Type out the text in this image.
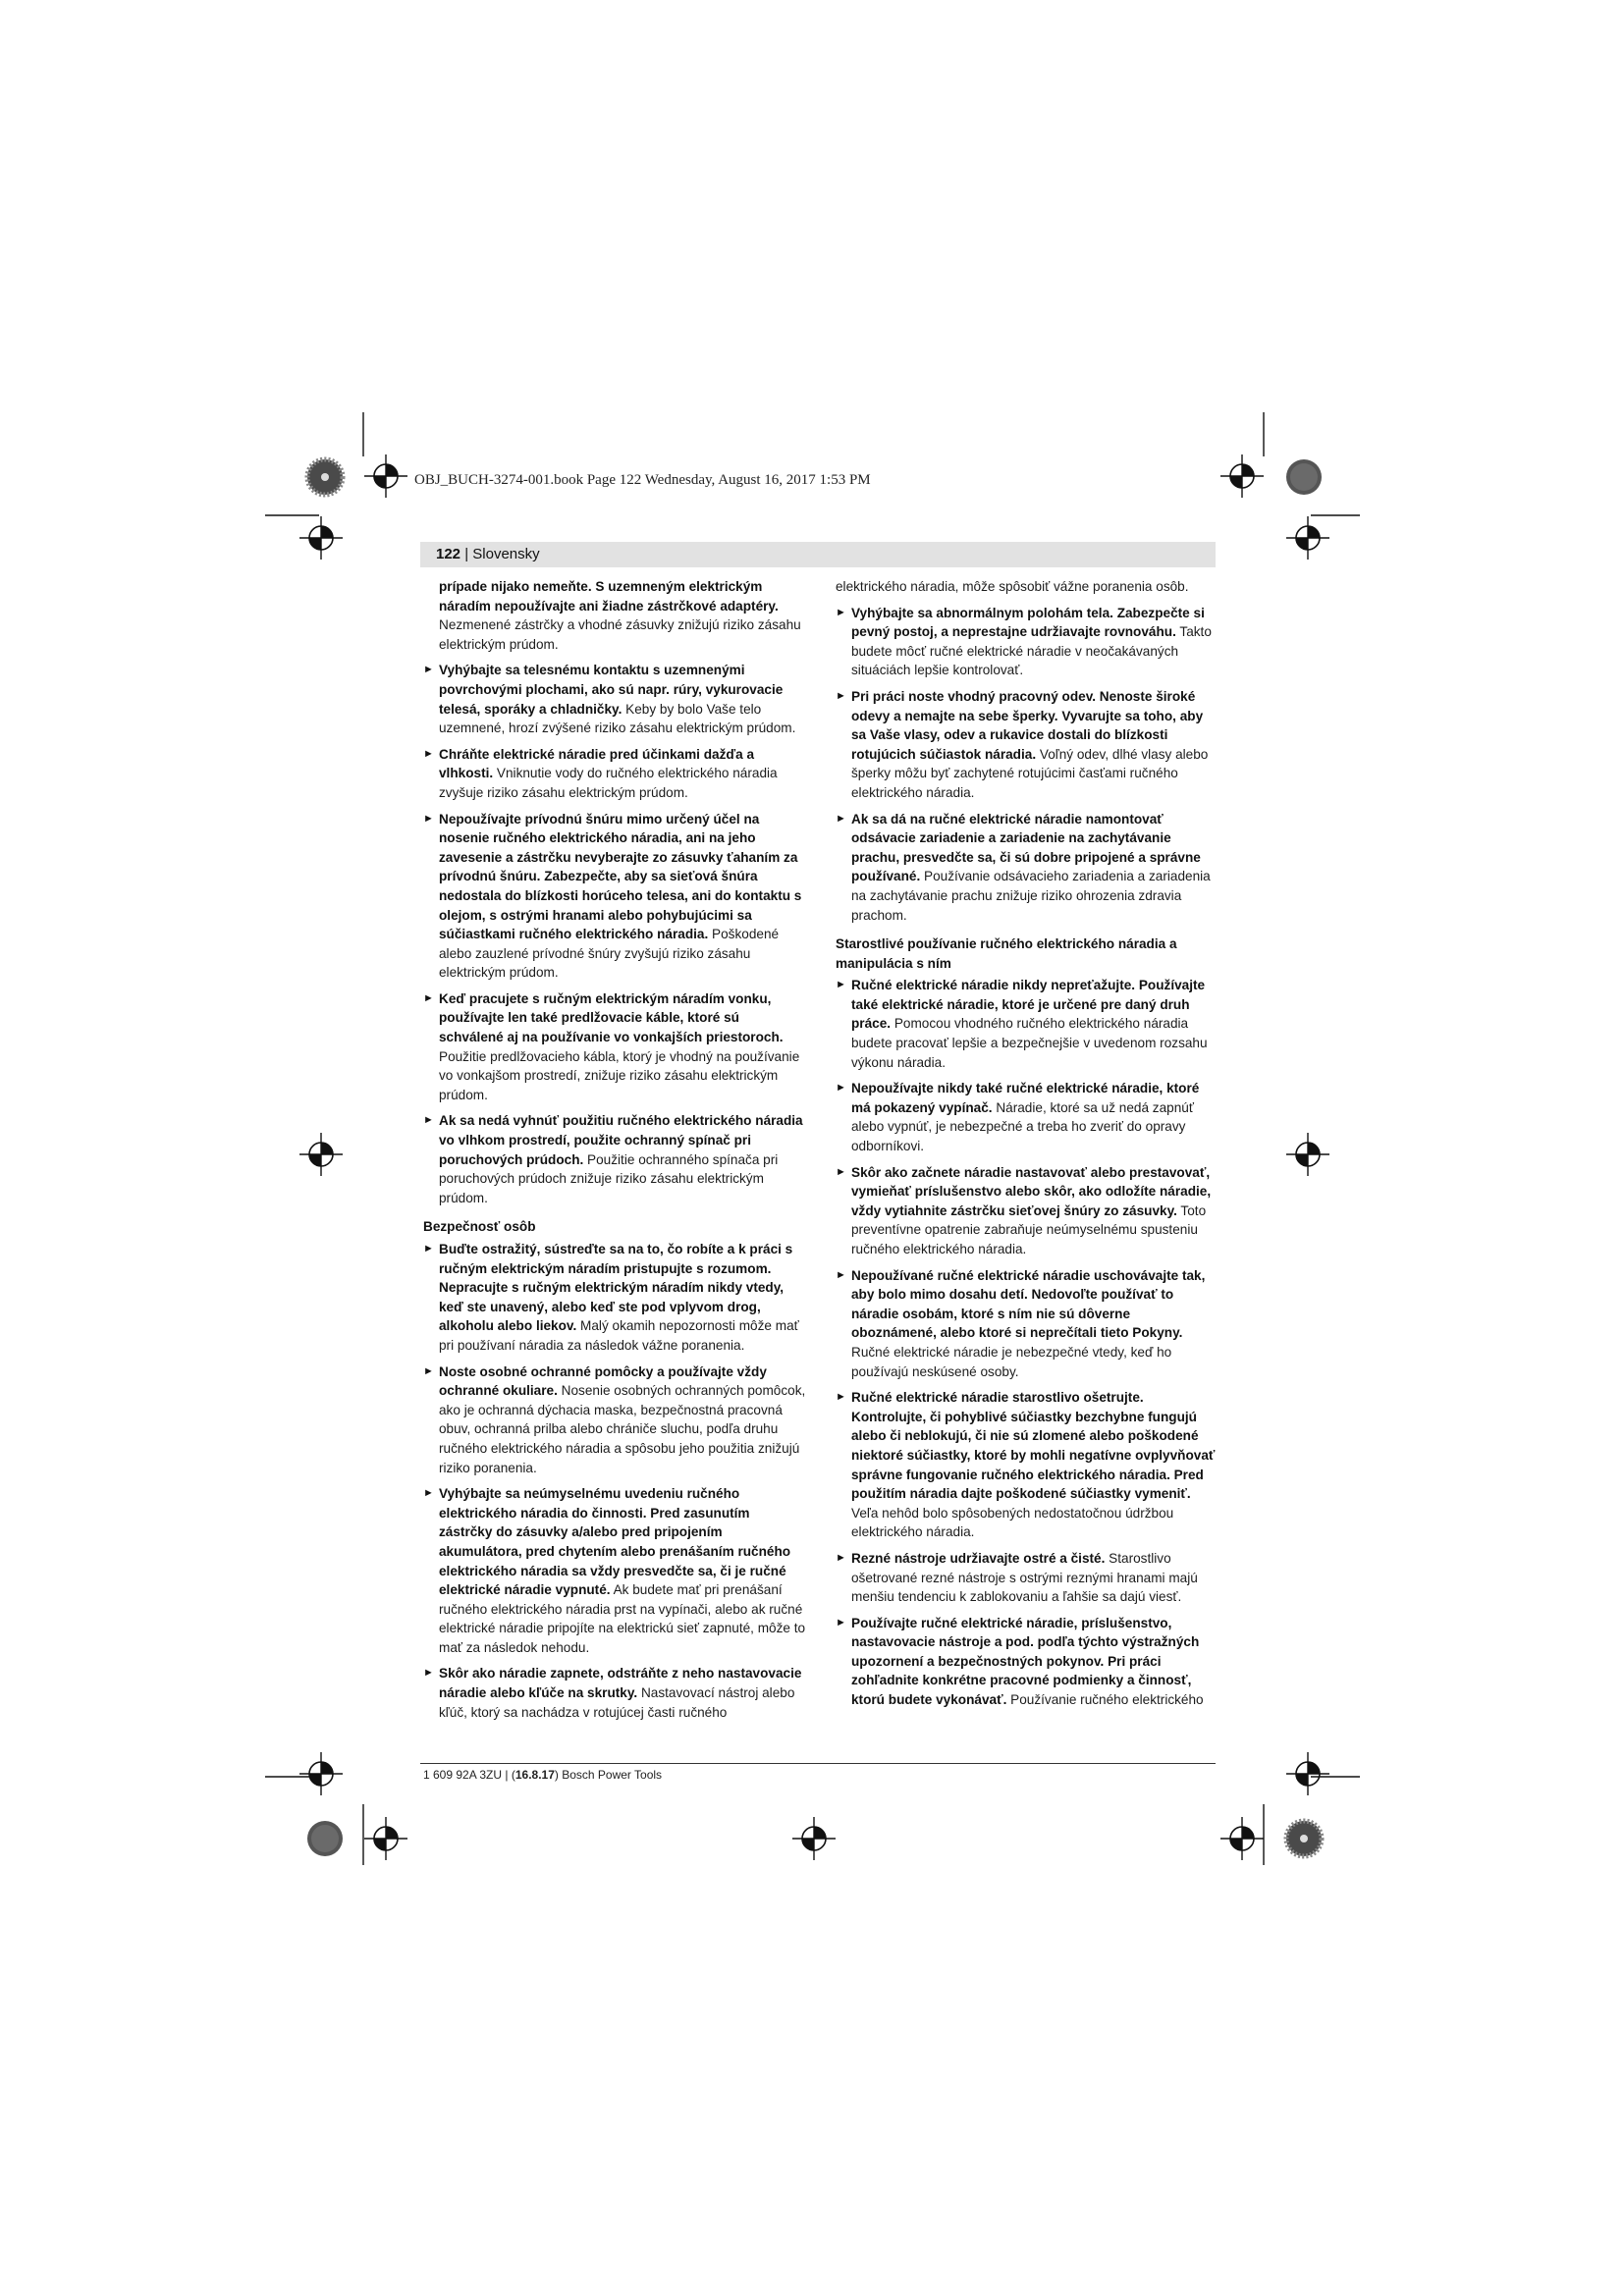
OBJ_BUCH-3274-001.book Page 122 Wednesday, August 16, 2017 1:53 PM
122 | Slovensky

prípade nijako nemeňte. S uzemneným elektrickým náradím nepoužívajte ani žiadne zástrčkové adaptéry. Nezmenené zástrčky a vhodné zásuvky znižujú riziko zásahu elektrickým prúdom.

► Vyhýbajte sa telesnému kontaktu s uzemnenými povrchovými plochami, ako sú napr. rúry, vykurovacie telesá, sporáky a chladničky. Keby by bolo Vaše telo uzemnené, hrozí zvýšené riziko zásahu elektrickým prúdom.
► Chráňte elektrické náradie pred účinkami dažďa a vlhkosti. Vniknutie vody do ručného elektrického náradia zvyšuje riziko zásahu elektrickým prúdom.
► Nepoužívajte prívodnú šnúru mimo určený účel na nosenie ručného elektrického náradia, ani na jeho zavesenie a zástrčku nevyberajte zo zásuvky ťahaním za prívodnú šnúru. Zabezpečte, aby sa sieťová šnúra nedostala do blízkosti horúceho telesa, ani do kontaktu s olejom, s ostrými hranami alebo pohybujúcimi sa súčiastkami ručného elektrického náradia. Poškodené alebo zauzlené prívodné šnúry zvyšujú riziko zásahu elektrickým prúdom.
► Keď pracujete s ručným elektrickým náradím vonku, používajte len také predlžovacie káble, ktoré sú schválené aj na používanie vo vonkajších priestoroch. Použitie predlžovacieho kábla, ktorý je vhodný na používanie vo vonkajšom prostredí, znižuje riziko zásahu elektrickým prúdom.
► Ak sa nedá vyhnúť použitiu ručného elektrického náradia vo vlhkom prostredí, použite ochranný spínač pri poruchových prúdoch. Použitie ochranného spínača pri poruchových prúdoch znižuje riziko zásahu elektrickým prúdom.
Bezpečnosť osôb
► Buďte ostražitý, sústreďte sa na to, čo robíte a k práci s ručným elektrickým náradím pristupujte s rozumom. Nepracujte s ručným elektrickým náradím nikdy vtedy, keď ste unavený, alebo keď ste pod vplyvom drog, alkoholu alebo liekov. Malý okamih nepozornosti môže mať pri používaní náradia za následok vážne poranenia.
► Noste osobné ochranné pomôcky a používajte vždy ochranné okuliare. Nosenie osobných ochranných pomôcok, ako je ochranná dýchacia maska, bezpečnostná pracovná obuv, ochranná prilba alebo chrániče sluchu, podľa druhu ručného elektrického náradia a spôsobu jeho použitia znižujú riziko poranenia.
► Vyhýbajte sa neúmyselnému uvedeniu ručného elektrického náradia do činnosti. Pred zasunutím zástrčky do zásuvky a/alebo pred pripojením akumulátora, pred chytením alebo prenášaním ručného elektrického náradia sa vždy presvedčte sa, či je ručné elektrické náradie vypnuté. Ak budete mať pri prenášaní ručného elektrického náradia prst na vypínači, alebo ak ručné elektrické náradie pripojíte na elektrickú sieť zapnuté, môže to mať za následok nehodu.
► Skôr ako náradie zapnete, odstráňte z neho nastavovacie náradie alebo kľúče na skrutky. Nastavovací nástroj alebo kľúč, ktorý sa nachádza v rotujúcej časti ručného

elektrického náradia, môže spôsobiť vážne poranenia osôb.

► Vyhýbajte sa abnormálnym polohám tela. Zabezpečte si pevný postoj, a neprestajne udržiavajte rovnováhu. Takto budete môcť ručné elektrické náradie v neočakávaných situáciách lepšie kontrolovať.
► Pri práci noste vhodný pracovný odev. Nenoste široké odevy a nemajte na sebe šperky. Vyvarujte sa toho, aby sa Vaše vlasy, odev a rukavice dostali do blízkosti rotujúcich súčiastok náradia. Voľný odev, dlhé vlasy alebo šperky môžu byť zachytené rotujúcimi časťami ručného elektrického náradia.
► Ak sa dá na ručné elektrické náradie namontovať odsávacie zariadenie a zariadenie na zachytávanie prachu, presvedčte sa, či sú dobre pripojené a správne používané. Používanie odsávacieho zariadenia a zariadenia na zachytávanie prachu znižuje riziko ohrozenia zdravia prachom.
Starostlivé používanie ručného elektrického náradia a manipulácia s ním
► Ručné elektrické náradie nikdy nepreťažujte. Používajte také elektrické náradie, ktoré je určené pre daný druh práce. Pomocou vhodného ručného elektrického náradia budete pracovať lepšie a bezpečnejšie v uvedenom rozsahu výkonu náradia.
► Nepoužívajte nikdy také ručné elektrické náradie, ktoré má pokazený vypínač. Náradie, ktoré sa už nedá zapnúť alebo vypnúť, je nebezpečné a treba ho zveriť do opravy odborníkovi.
► Skôr ako začnete náradie nastavovať alebo prestavovať, vymieňať príslušenstvo alebo skôr, ako odložíte náradie, vždy vytiahnite zástrčku sieťovej šnúry zo zásuvky. Toto preventívne opatrenie zabraňuje neúmyselnému spusteniu ručného elektrického náradia.
► Nepoužívané ručné elektrické náradie uschovávajte tak, aby bolo mimo dosahu detí. Nedovoľte používať to náradie osobám, ktoré s ním nie sú dôverne oboznámené, alebo ktoré si neprečítali tieto Pokyny. Ručné elektrické náradie je nebezpečné vtedy, keď ho používajú neskúsené osoby.
► Ručné elektrické náradie starostlivo ošetrujte. Kontrolujte, či pohyblivé súčiastky bezchybne fungujú alebo či neblokujú, či nie sú zlomené alebo poškodené niektoré súčiastky, ktoré by mohli negatívne ovplyvňovať správne fungovanie ručného elektrického náradia. Pred použitím náradia dajte poškodené súčiastky vymeniť. Veľa nehôd bolo spôsobených nedostatočnou údržbou elektrického náradia.
► Rezné nástroje udržiavajte ostré a čisté. Starostlivo ošetrované rezné nástroje s ostrými reznými hranami majú menšiu tendenciu k zablokovaniu a ľahšie sa dajú viesť.
► Používajte ručné elektrické náradie, príslušenstvo, nastavovacie nástroje a pod. podľa týchto výstražných upozornení a bezpečnostných pokynov. Pri práci zohľadnite konkrétne pracovné podmienky a činnosť, ktorú budete vykonávať. Používanie ručného elektrického
1 609 92A 3ZU | (16.8.17) Bosch Power Tools
